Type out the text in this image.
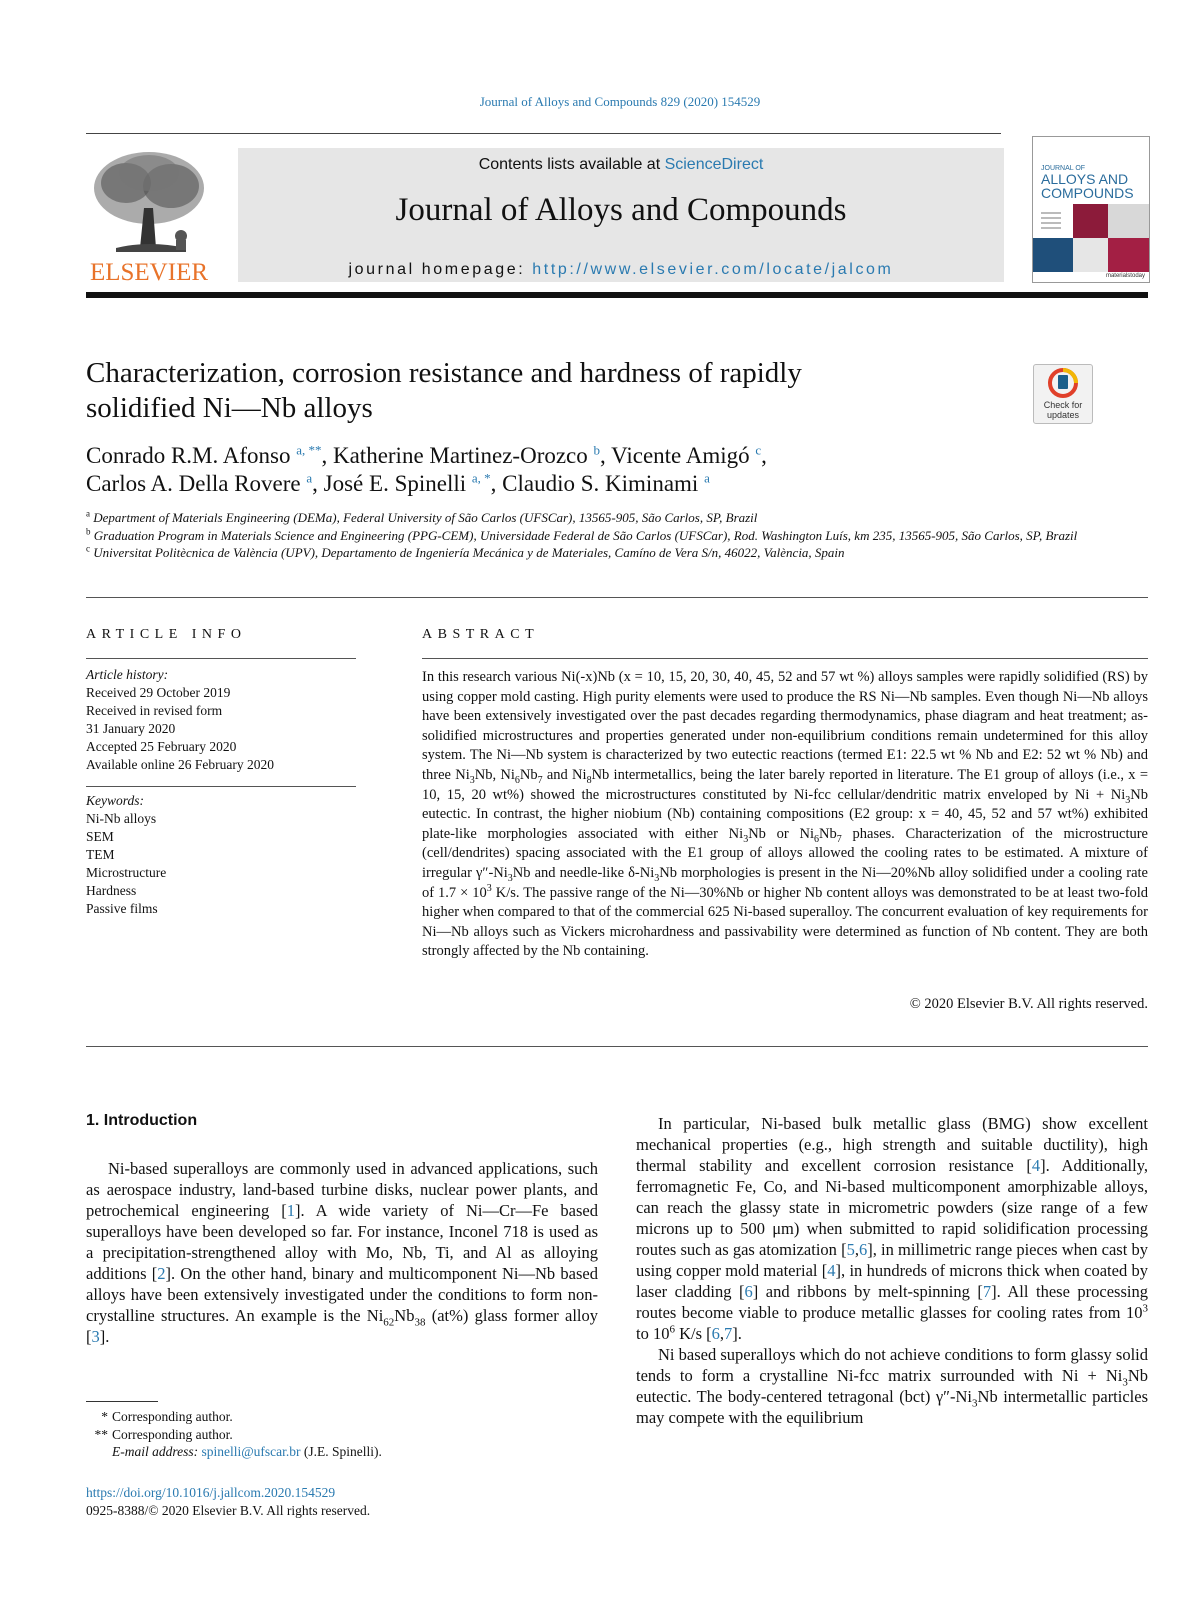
Journal of Alloys and Compounds 829 (2020) 154529
ELSEVIER
Contents lists available at ScienceDirect
Journal of Alloys and Compounds
journal homepage: http://www.elsevier.com/locate/jalcom
JOURNAL OF
ALLOYS AND
COMPOUNDS
materialstoday
Characterization, corrosion resistance and hardness of rapidly
solidified Ni—Nb alloys	Check for
updates
Conrado R.M. Afonso $^{a, **}$, Katherine Martinez-Orozco $^b$, Vicente Amigó $^c$,
Carlos A. Della Rovere $^a$, José E. Spinelli $^{a, *}$, Claudio S. Kiminami $^a$
$^a$ Department of Materials Engineering (DEMa), Federal University of São Carlos (UFSCar), 13565-905, São Carlos, SP, Brazil
$^b$ Graduation Program in Materials Science and Engineering (PPG-CEM), Universidade Federal de São Carlos (UFSCar), Rod. Washington Luís, km 235, 13565-905, São Carlos, SP, Brazil
$^c$ Universitat Politècnica de València (UPV), Departamento de Ingeniería Mecánica y de Materiales, Camíno de Vera S/n, 46022, València, Spain
ARTICLE INFO
Article history:
Received 29 October 2019
Received in revised form
31 January 2020
Accepted 25 February 2020
Available online 26 February 2020
Keywords:
Ni-Nb alloys
SEM
TEM
Microstructure
Hardness
Passive films
ABSTRACT
In this research various Ni(-x)Nb (x = 10, 15, 20, 30, 40, 45, 52 and 57 wt %) alloys samples were rapidly solidified (RS) by using copper mold casting. High purity elements were used to produce the RS Ni—Nb samples. Even though Ni—Nb alloys have been extensively investigated over the past decades regarding thermodynamics, phase diagram and heat treatment; as-solidified microstructures and properties generated under non-equilibrium conditions remain undetermined for this alloy system. The Ni—Nb system is characterized by two eutectic reactions (termed E1: 22.5 wt % Nb and E2: 52 wt % Nb) and three $Ni_3Nb$, $Ni_6Nb_7$ and $Ni_8Nb$ intermetallics, being the later barely reported in literature. The E1 group of alloys (i.e., x = 10, 15, 20 wt%) showed the microstructures constituted by Ni-fcc cellular/dendritic matrix enveloped by $Ni + Ni_3Nb$ eutectic. In contrast, the higher niobium (Nb) containing compositions (E2 group: x = 40, 45, 52 and 57 wt%) exhibited plate-like morphologies associated with either $Ni_3Nb$ or $Ni_6Nb_7$ phases. Characterization of the microstructure (cell/dendrites) spacing associated with the E1 group of alloys allowed the cooling rates to be estimated. A mixture of irregular $\gamma''-Ni_3Nb$ and needle-like $\delta-Ni_3Nb$ morphologies is present in the Ni—20%Nb alloy solidified under a cooling rate of $1.7 \times 10^3$ K/s. The passive range of the Ni—30%Nb or higher Nb content alloys was demonstrated to be at least two-fold higher when compared to that of the commercial 625 Ni-based superalloy. The concurrent evaluation of key requirements for Ni—Nb alloys such as Vickers microhardness and passivability were determined as function of Nb content. They are both strongly affected by the Nb containing.
© 2020 Elsevier B.V. All rights reserved.
1. Introduction

Ni-based superalloys are commonly used in advanced applications, such as aerospace industry, land-based turbine disks, nuclear power plants, and petrochemical engineering [1]. A wide variety of Ni—Cr—Fe based superalloys have been developed so far. For instance, Inconel 718 is used as a precipitation-strengthened alloy with Mo, Nb, Ti, and Al as alloying additions [2]. On the other hand, binary and multicomponent Ni—Nb based alloys have been extensively investigated under the conditions to form non-crystalline structures. An example is the $Ni_{62}Nb_{38}$ (at%) glass former alloy [3].

In particular, Ni-based bulk metallic glass (BMG) show excellent mechanical properties (e.g., high strength and suitable ductility), high thermal stability and excellent corrosion resistance [4]. Additionally, ferromagnetic Fe, Co, and Ni-based multicomponent amorphizable alloys, can reach the glassy state in micrometric powders (size range of a few microns up to 500 μm) when submitted to rapid solidification processing routes such as gas atomization [5,6], in millimetric range pieces when cast by using copper mold material [4], in hundreds of microns thick when coated by laser cladding [6] and ribbons by melt-spinning [7]. All these processing routes become viable to produce metallic glasses for cooling rates from $10^3$ to $10^6$ K/s [6,7].

Ni based superalloys which do not achieve conditions to form glassy solid tends to form a crystalline Ni-fcc matrix surrounded with $Ni + Ni_3Nb$ eutectic. The body-centered tetragonal (bct) $\gamma''-Ni_3Nb$ intermetallic particles may compete with the equilibrium

* Corresponding author.
** Corresponding author.
E-mail address: spinelli@ufscar.br (J.E. Spinelli).
https://doi.org/10.1016/j.jallcom.2020.154529
0925-8388/© 2020 Elsevier B.V. All rights reserved.
